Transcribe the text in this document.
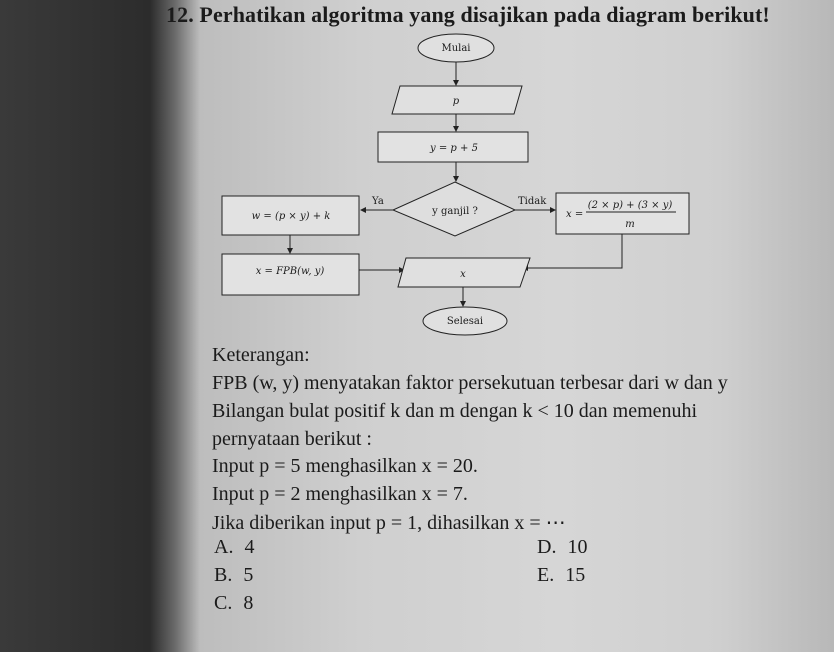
12. Perhatikan algoritma yang disajikan pada diagram berikut!
Mulai
p
y = p + 5
y ganjil ?
Ya	Tidak
w = (p × y) + k	x =
(2 × p) + (3 × y)
m
x = FPB(w, y)	x
Selesai
Keterangan:
FPB (w, y) menyatakan faktor persekutuan terbesar dari w dan y
Bilangan bulat positif k dan m dengan k < 10 dan memenuhi
pernyataan berikut :
Input p = 5 menghasilkan x = 20.
Input p = 2 menghasilkan x = 7.
Jika diberikan input p = 1, dihasilkan x = ⋯
A. 4
B. 5
C. 8
D. 10
E. 15
